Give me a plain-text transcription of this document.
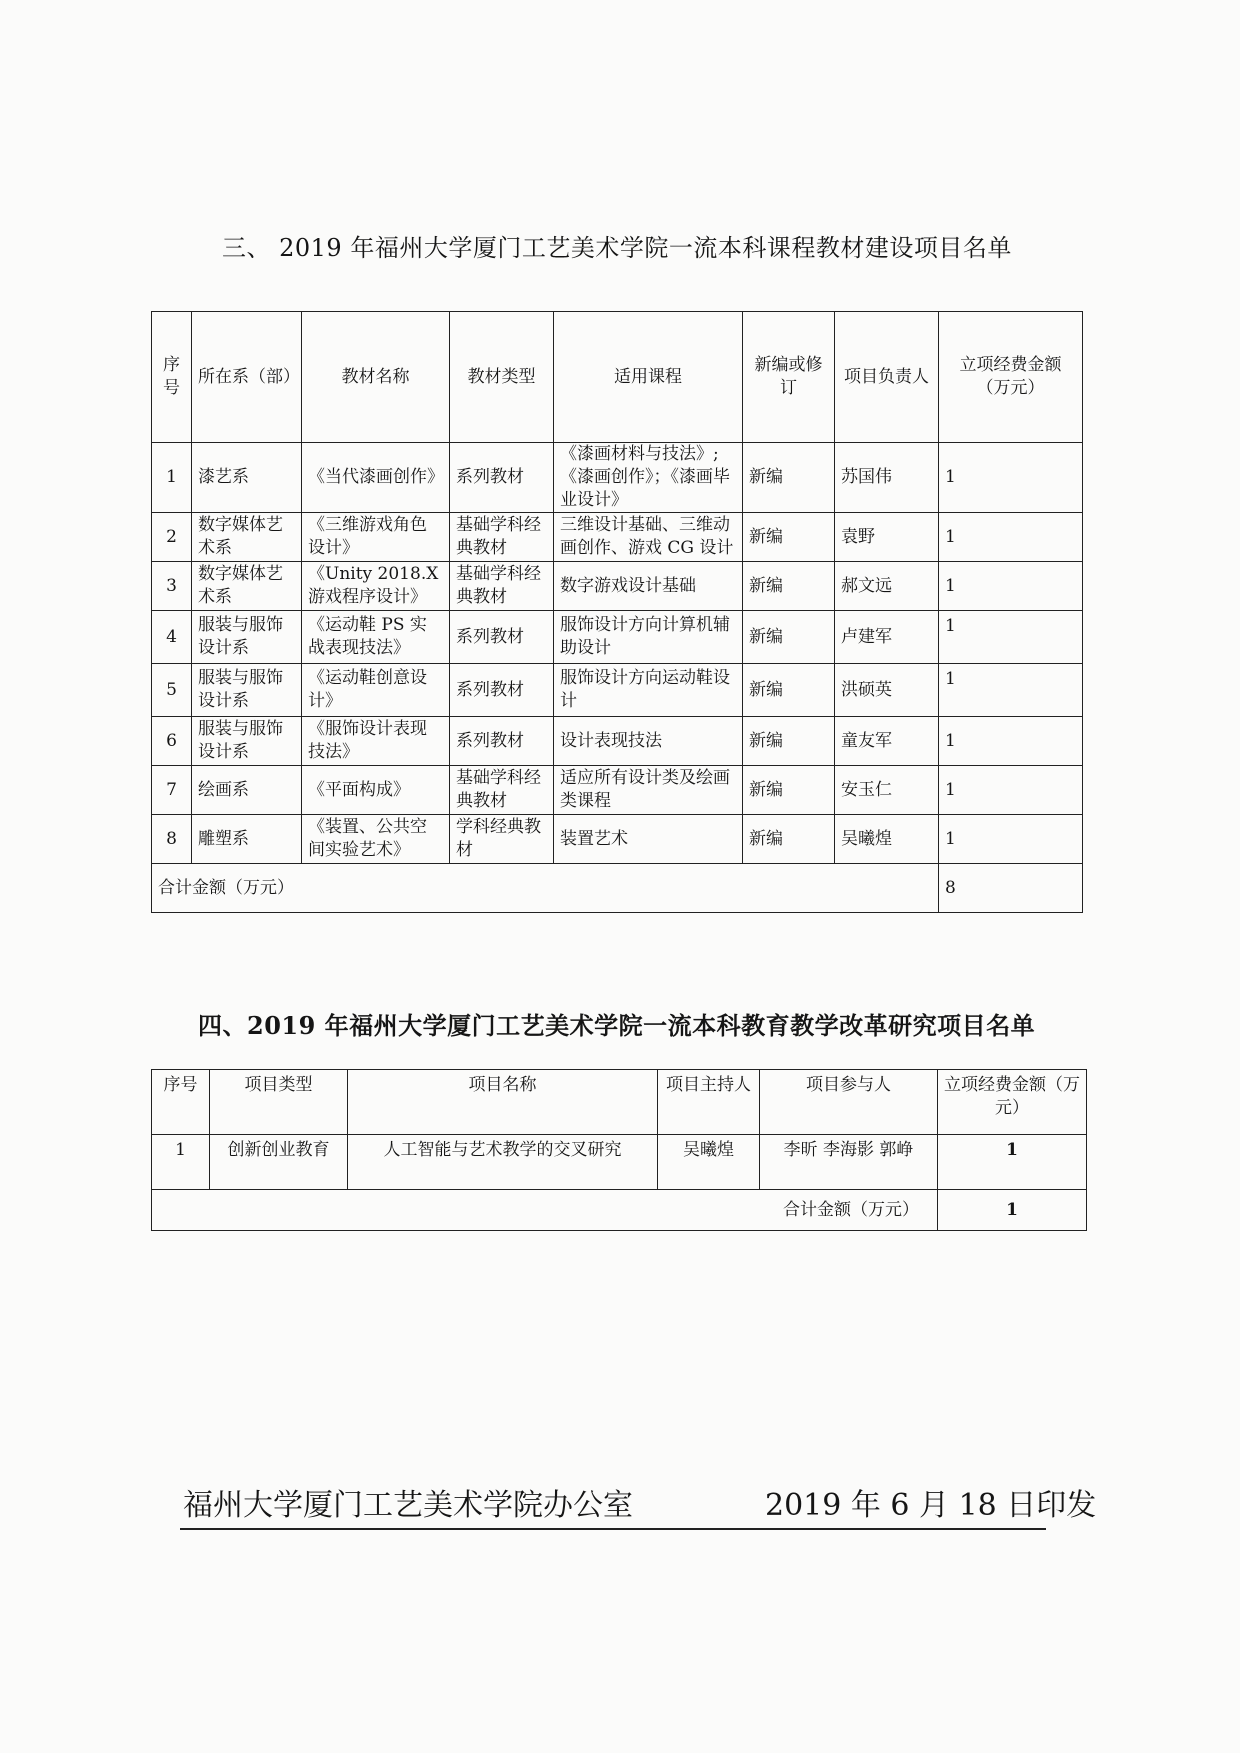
三、 2019 年福州大学厦门工艺美术学院一流本科课程教材建设项目名单
序号	所在系（部）	教材名称	教材类型	适用课程	新编或修订	项目负责人	立项经费金额（万元）
1	漆艺系	《当代漆画创作》	系列教材	《漆画材料与技法》;《漆画创作》；《漆画毕业设计》	新编	苏国伟	1
2	数字媒体艺术系	《三维游戏角色设计》	基础学科经典教材	三维设计基础、三维动画创作、游戏 CG 设计	新编	袁野	1
3	数字媒体艺术系	《Unity 2018.X 游戏程序设计》	基础学科经典教材	数字游戏设计基础	新编	郝文远	1
4	服装与服饰设计系	《运动鞋 PS 实战表现技法》	系列教材	服饰设计方向计算机辅助设计	新编	卢建军	1
5	服装与服饰设计系	《运动鞋创意设计》	系列教材	服饰设计方向运动鞋设计	新编	洪硕英	1
6	服装与服饰设计系	《服饰设计表现技法》	系列教材	设计表现技法	新编	童友军	1
7	绘画系	《平面构成》	基础学科经典教材	适应所有设计类及绘画类课程	新编	安玉仁	1
8	雕塑系	《装置、公共空间实验艺术》	学科经典教材	装置艺术	新编	吴曦煌	1
合计金额（万元）							8
四、2019 年福州大学厦门工艺美术学院一流本科教育教学改革研究项目名单
序号	项目类型	项目名称	项目主持人	项目参与人	立项经费金额（万元）
1	创新创业教育	人工智能与艺术教学的交叉研究	吴曦煌	李昕 李海影 郭峥	1
合计金额（万元）					1
福州大学厦门工艺美术学院办公室	2019 年 6 月 18 日印发
